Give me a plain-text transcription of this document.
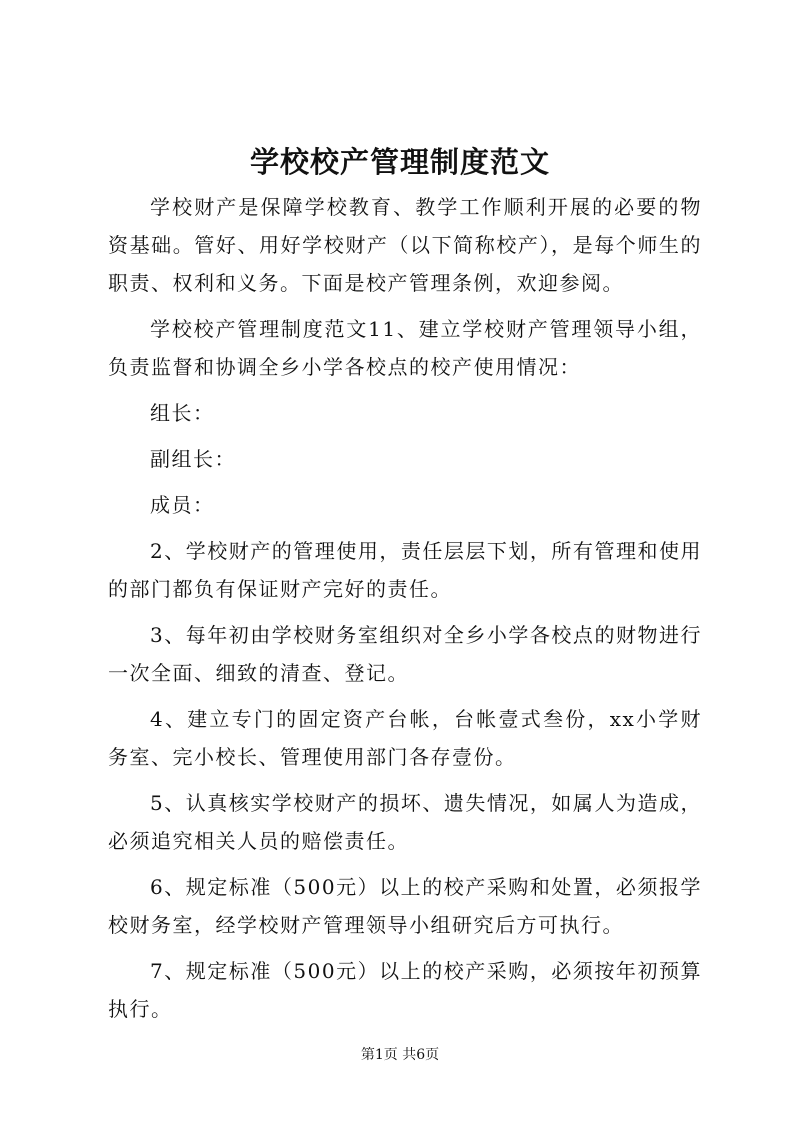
学校校产管理制度范文

学校财产是保障学校教育、教学工作顺利开展的必要的物资基础。管好、用好学校财产（以下简称校产），是每个师生的职责、权利和义务。下面是校产管理条例，欢迎参阅。

学校校产管理制度范文11、建立学校财产管理领导小组，负责监督和协调全乡小学各校点的校产使用情况：

组长：

副组长：

成员：

2、学校财产的管理使用，责任层层下划，所有管理和使用的部门都负有保证财产完好的责任。

3、每年初由学校财务室组织对全乡小学各校点的财物进行一次全面、细致的清查、登记。

4、建立专门的固定资产台帐，台帐壹式叁份，xx小学财务室、完小校长、管理使用部门各存壹份。

5、认真核实学校财产的损坏、遗失情况，如属人为造成，必须追究相关人员的赔偿责任。

6、规定标准（500元）以上的校产采购和处置，必须报学校财务室，经学校财产管理领导小组研究后方可执行。

7、规定标准（500元）以上的校产采购，必须按年初预算执行。

第1页 共6页
